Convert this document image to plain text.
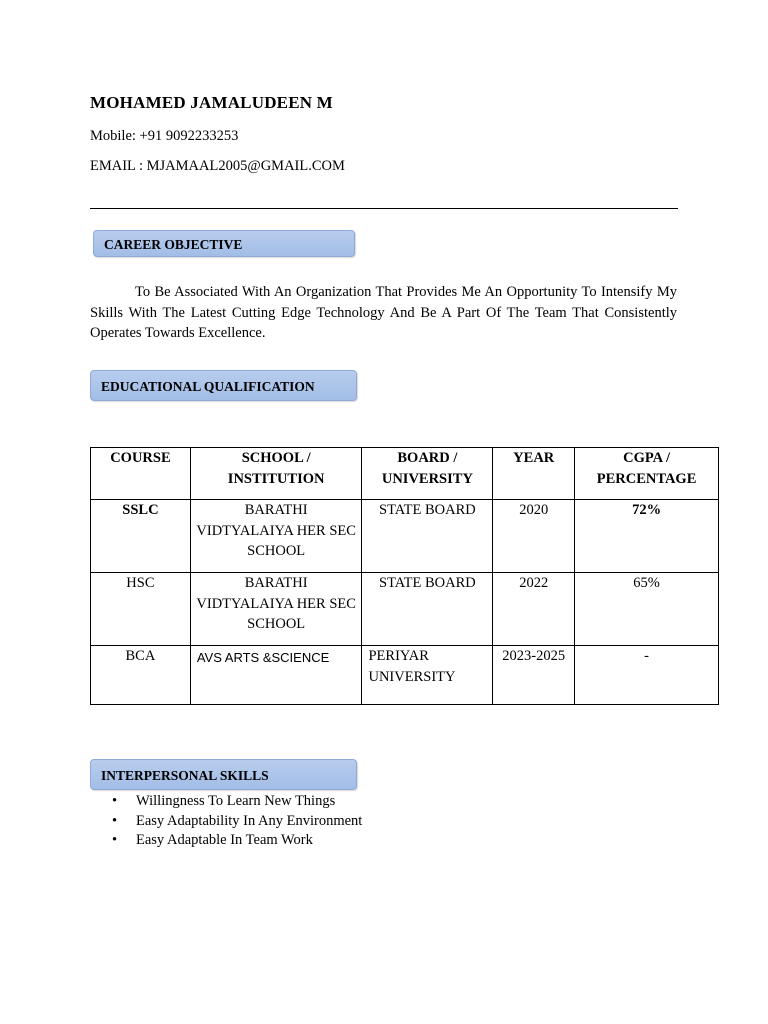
MOHAMED JAMALUDEEN M
Mobile: +91 9092233253
EMAIL : MJAMAAL2005@GMAIL.COM
CAREER OBJECTIVE
To Be Associated With An Organization That Provides Me An Opportunity To Intensify My Skills With The Latest Cutting Edge Technology And Be A Part Of The Team That Consistently Operates Towards Excellence.
EDUCATIONAL QUALIFICATION
COURSE	SCHOOL / INSTITUTION	BOARD / UNIVERSITY	YEAR	CGPA / PERCENTAGE
SSLC	BARATHI VIDTYALAIYA HER SEC SCHOOL	STATE BOARD	2020	72%
HSC	BARATHI VIDTYALAIYA HER SEC SCHOOL	STATE BOARD	2022	65%
BCA	AVS ARTS &SCIENCE	PERIYAR UNIVERSITY	2023-2025	-
INTERPERSONAL SKILLS
• Willingness To Learn New Things
• Easy Adaptability In Any Environment
• Easy Adaptable In Team Work
